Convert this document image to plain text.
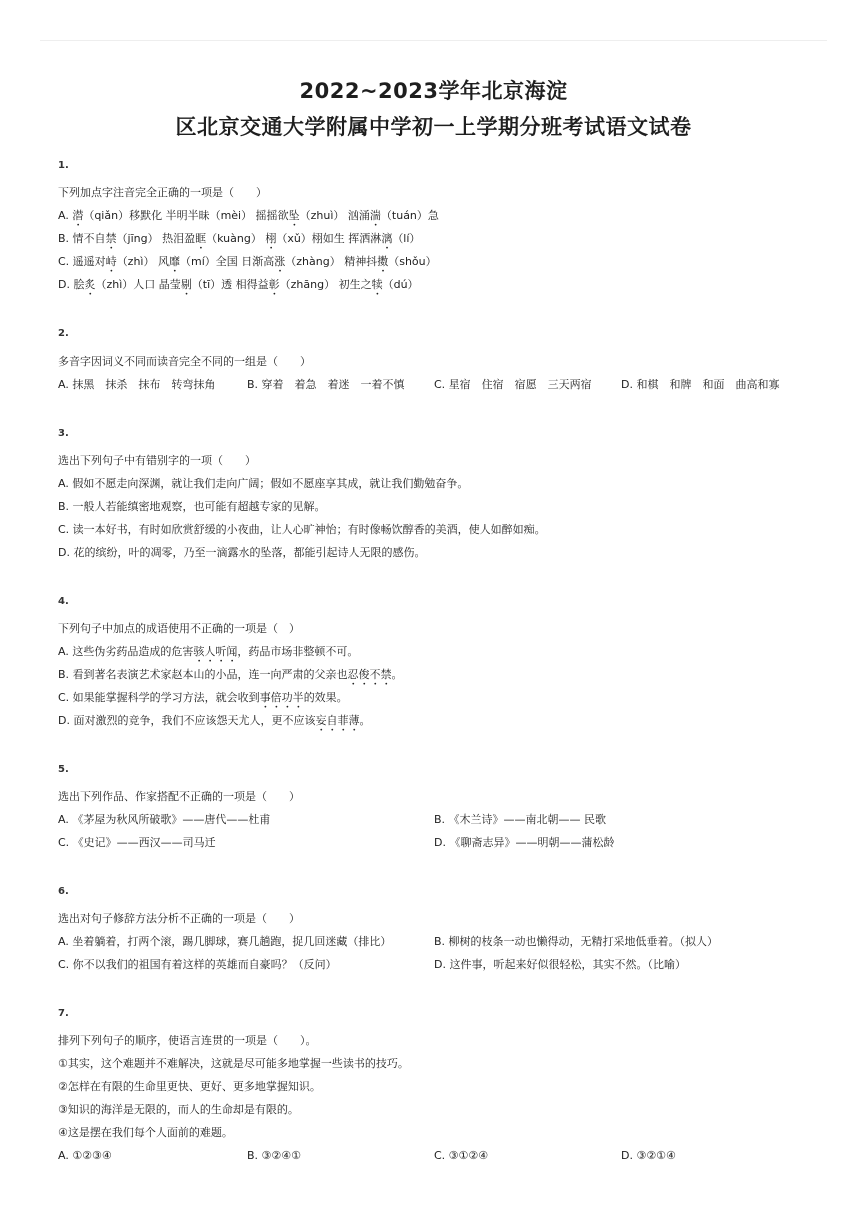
2022~2023学年北京海淀
区北京交通大学附属中学初一上学期分班考试语文试卷
1.
下列加点字注音完全正确的一项是（　　）
A. 潜（qiǎn）移默化 半明半昧（mèi） 摇摇欲坠（zhuì） 汹涌湍（tuán）急
B. 情不自禁（jīng） 热泪盈眶（kuàng） 栩（xǔ）栩如生 挥洒淋漓（lí）
C. 遥遥对峙（zhì） 风靡（mí）全国 日渐高涨（zhàng） 精神抖擞（shǒu）
D. 脍炙（zhì）人口 晶莹剔（tī）透 相得益彰（zhāng） 初生之犊（dú）
2.
多音字因词义不同而读音完全不同的一组是（　　）
A. 抹黑　抹杀　抹布　转弯抹角	B. 穿着　着急　着迷　一着不慎	C. 星宿　住宿　宿愿　三天两宿	D. 和棋　和牌　和面　曲高和寡
3.
选出下列句子中有错别字的一项（　　）
A. 假如不愿走向深渊，就让我们走向广阔；假如不愿座享其成，就让我们勤勉奋争。
B. 一般人若能缜密地观察，也可能有超越专家的见解。
C. 读一本好书，有时如欣赏舒缓的小夜曲，让人心旷神怡；有时像畅饮醇香的美酒，使人如醉如痴。
D. 花的缤纷，叶的凋零，乃至一滴露水的坠落，都能引起诗人无限的感伤。
4.
下列句子中加点的成语使用不正确的一项是（　）
A. 这些伪劣药品造成的危害骇人听闻，药品市场非整顿不可。
B. 看到著名表演艺术家赵本山的小品，连一向严肃的父亲也忍俊不禁。
C. 如果能掌握科学的学习方法，就会收到事倍功半的效果。
D. 面对激烈的竞争，我们不应该怨天尤人，更不应该妄自菲薄。
5.
选出下列作品、作家搭配不正确的一项是（　　）
A. 《茅屋为秋风所破歌》——唐代——杜甫	B. 《木兰诗》——南北朝—— 民歌
C. 《史记》——西汉——司马迁	D. 《聊斋志异》——明朝——蒲松龄
6.
选出对句子修辞方法分析不正确的一项是（　　）
A. 坐着躺着，打两个滚，踢几脚球，赛几趟跑，捉几回迷藏（排比）	B. 柳树的枝条一动也懒得动，无精打采地低垂着。（拟人）
C. 你不以我们的祖国有着这样的英雄而自豪吗？（反问）	D. 这件事，听起来好似很轻松，其实不然。（比喻）
7.
排列下列句子的顺序，使语言连贯的一项是（　　）。
①其实，这个难题并不难解决，这就是尽可能多地掌握一些读书的技巧。
②怎样在有限的生命里更快、更好、更多地掌握知识。
③知识的海洋是无限的，而人的生命却是有限的。
④这是摆在我们每个人面前的难题。
A. ①②③④	B. ③②④①	C. ③①②④	D. ③②①④
